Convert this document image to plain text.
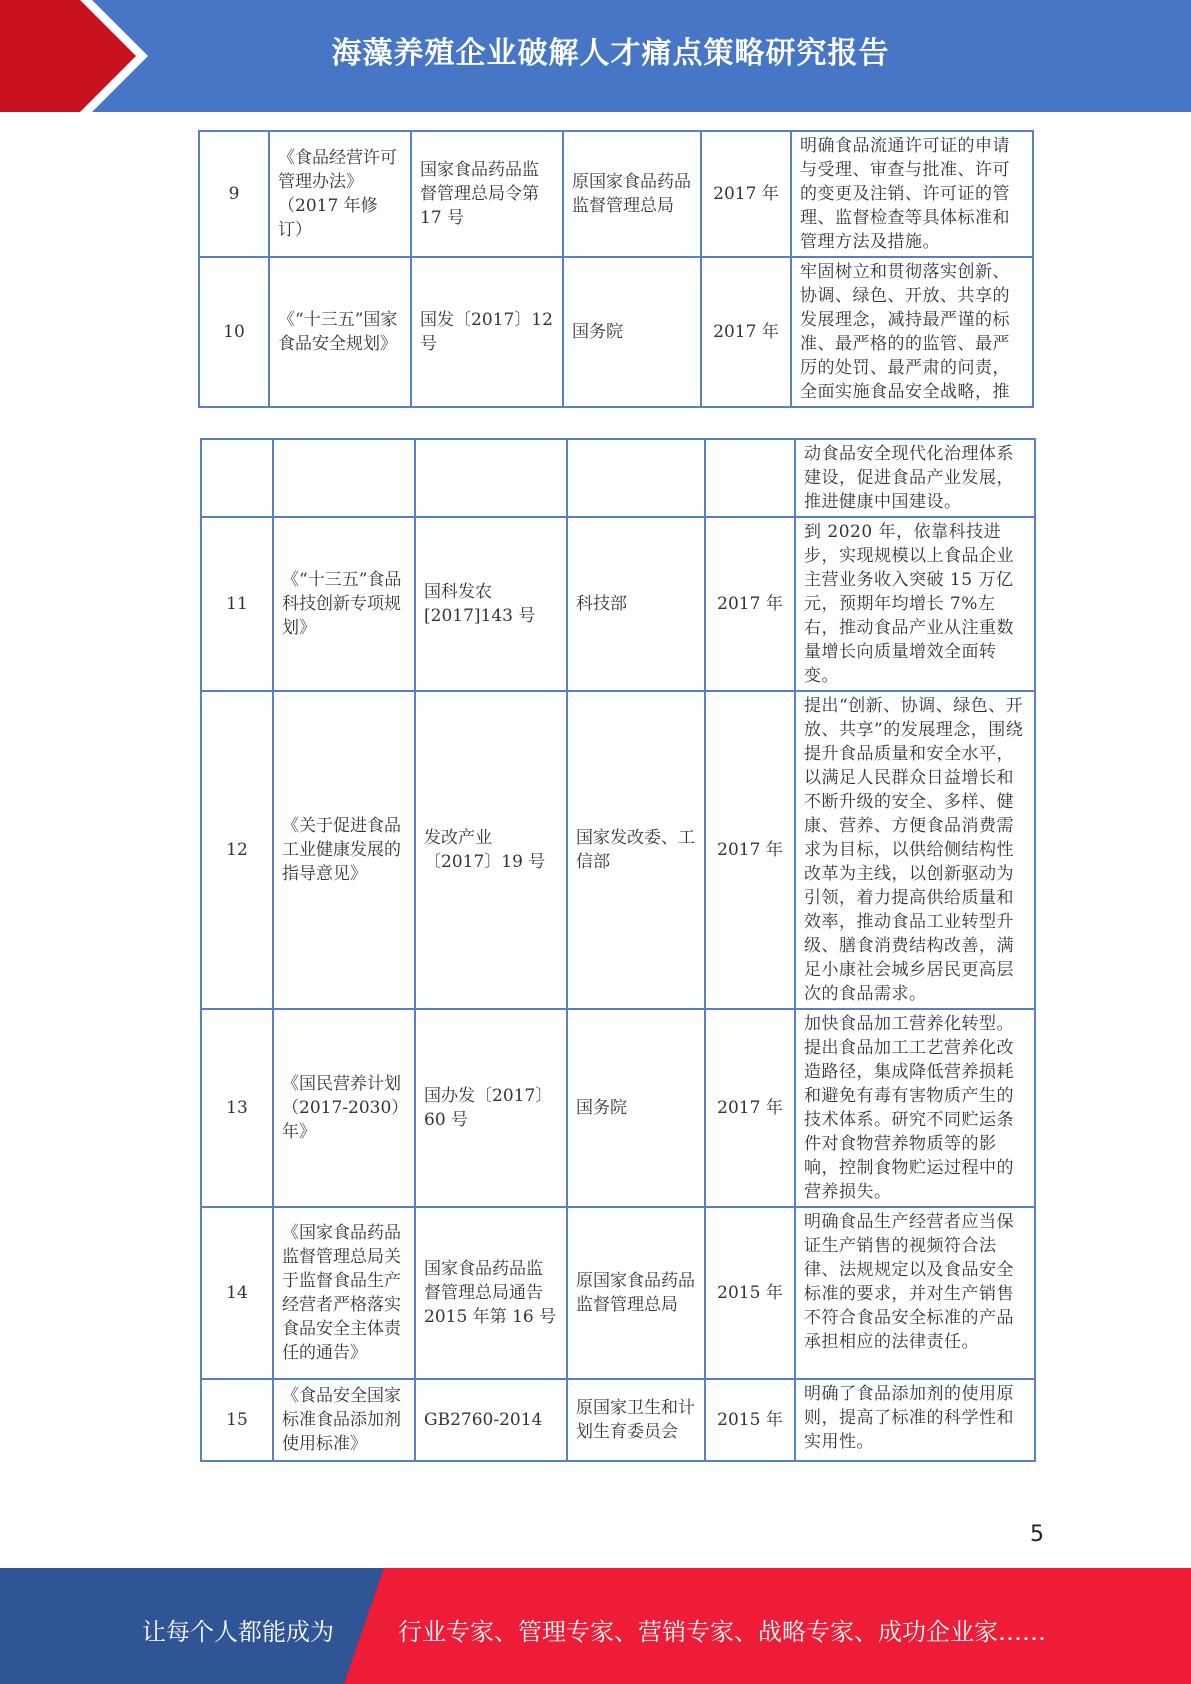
海藻养殖企业破解人才痛点策略研究报告
9	《食品经营许可管理办法》（2017 年修订）	国家食品药品监督管理总局令第 17 号	原国家食品药品监督管理总局	2017 年	明确食品流通许可证的申请与受理、审查与批准、许可的变更及注销、许可证的管理、监督检查等具体标准和管理方法及措施。
10	《“十三五”国家食品安全规划》	国发〔2017〕12 号	国务院	2017 年	牢固树立和贯彻落实创新、协调、绿色、开放、共享的发展理念，减持最严谨的标准、最严格的的监管、最严厉的处罚、最严肃的问责，全面实施食品安全战略，推
					动食品安全现代化治理体系建设，促进食品产业发展，推进健康中国建设。
11	《“十三五”食品科技创新专项规划》	国科发农[2017]143 号	科技部	2017 年	到 2020 年，依靠科技进步，实现规模以上食品企业主营业务收入突破 15 万亿元，预期年均增长 7%左右，推动食品产业从注重数量增长向质量增效全面转变。
12	《关于促进食品工业健康发展的指导意见》	发改产业〔2017〕19 号	国家发改委、工信部	2017 年	提出“创新、协调、绿色、开放、共享”的发展理念，围绕提升食品质量和安全水平，以满足人民群众日益增长和不断升级的安全、多样、健康、营养、方便食品消费需求为目标，以供给侧结构性改革为主线，以创新驱动为引领，着力提高供给质量和效率，推动食品工业转型升级、膳食消费结构改善，满足小康社会城乡居民更高层次的食品需求。
13	《国民营养计划（2017-2030）年》	国办发〔2017〕60 号	国务院	2017 年	加快食品加工营养化转型。提出食品加工工艺营养化改造路径，集成降低营养损耗和避免有毒有害物质产生的技术体系。研究不同贮运条件对食物营养物质等的影响，控制食物贮运过程中的营养损失。
14	《国家食品药品监督管理总局关于监督食品生产经营者严格落实食品安全主体责任的通告》	国家食品药品监督管理总局通告 2015 年第 16 号	原国家食品药品监督管理总局	2015 年	明确食品生产经营者应当保证生产销售的视频符合法律、法规规定以及食品安全标准的要求，并对生产销售不符合食品安全标准的产品承担相应的法律责任。
15	《食品安全国家标准食品添加剂使用标准》	GB2760-2014	原国家卫生和计划生育委员会	2015 年	明确了食品添加剂的使用原则，提高了标准的科学性和实用性。
5
让每个人都能成为	行业专家、管理专家、营销专家、战略专家、成功企业家……
